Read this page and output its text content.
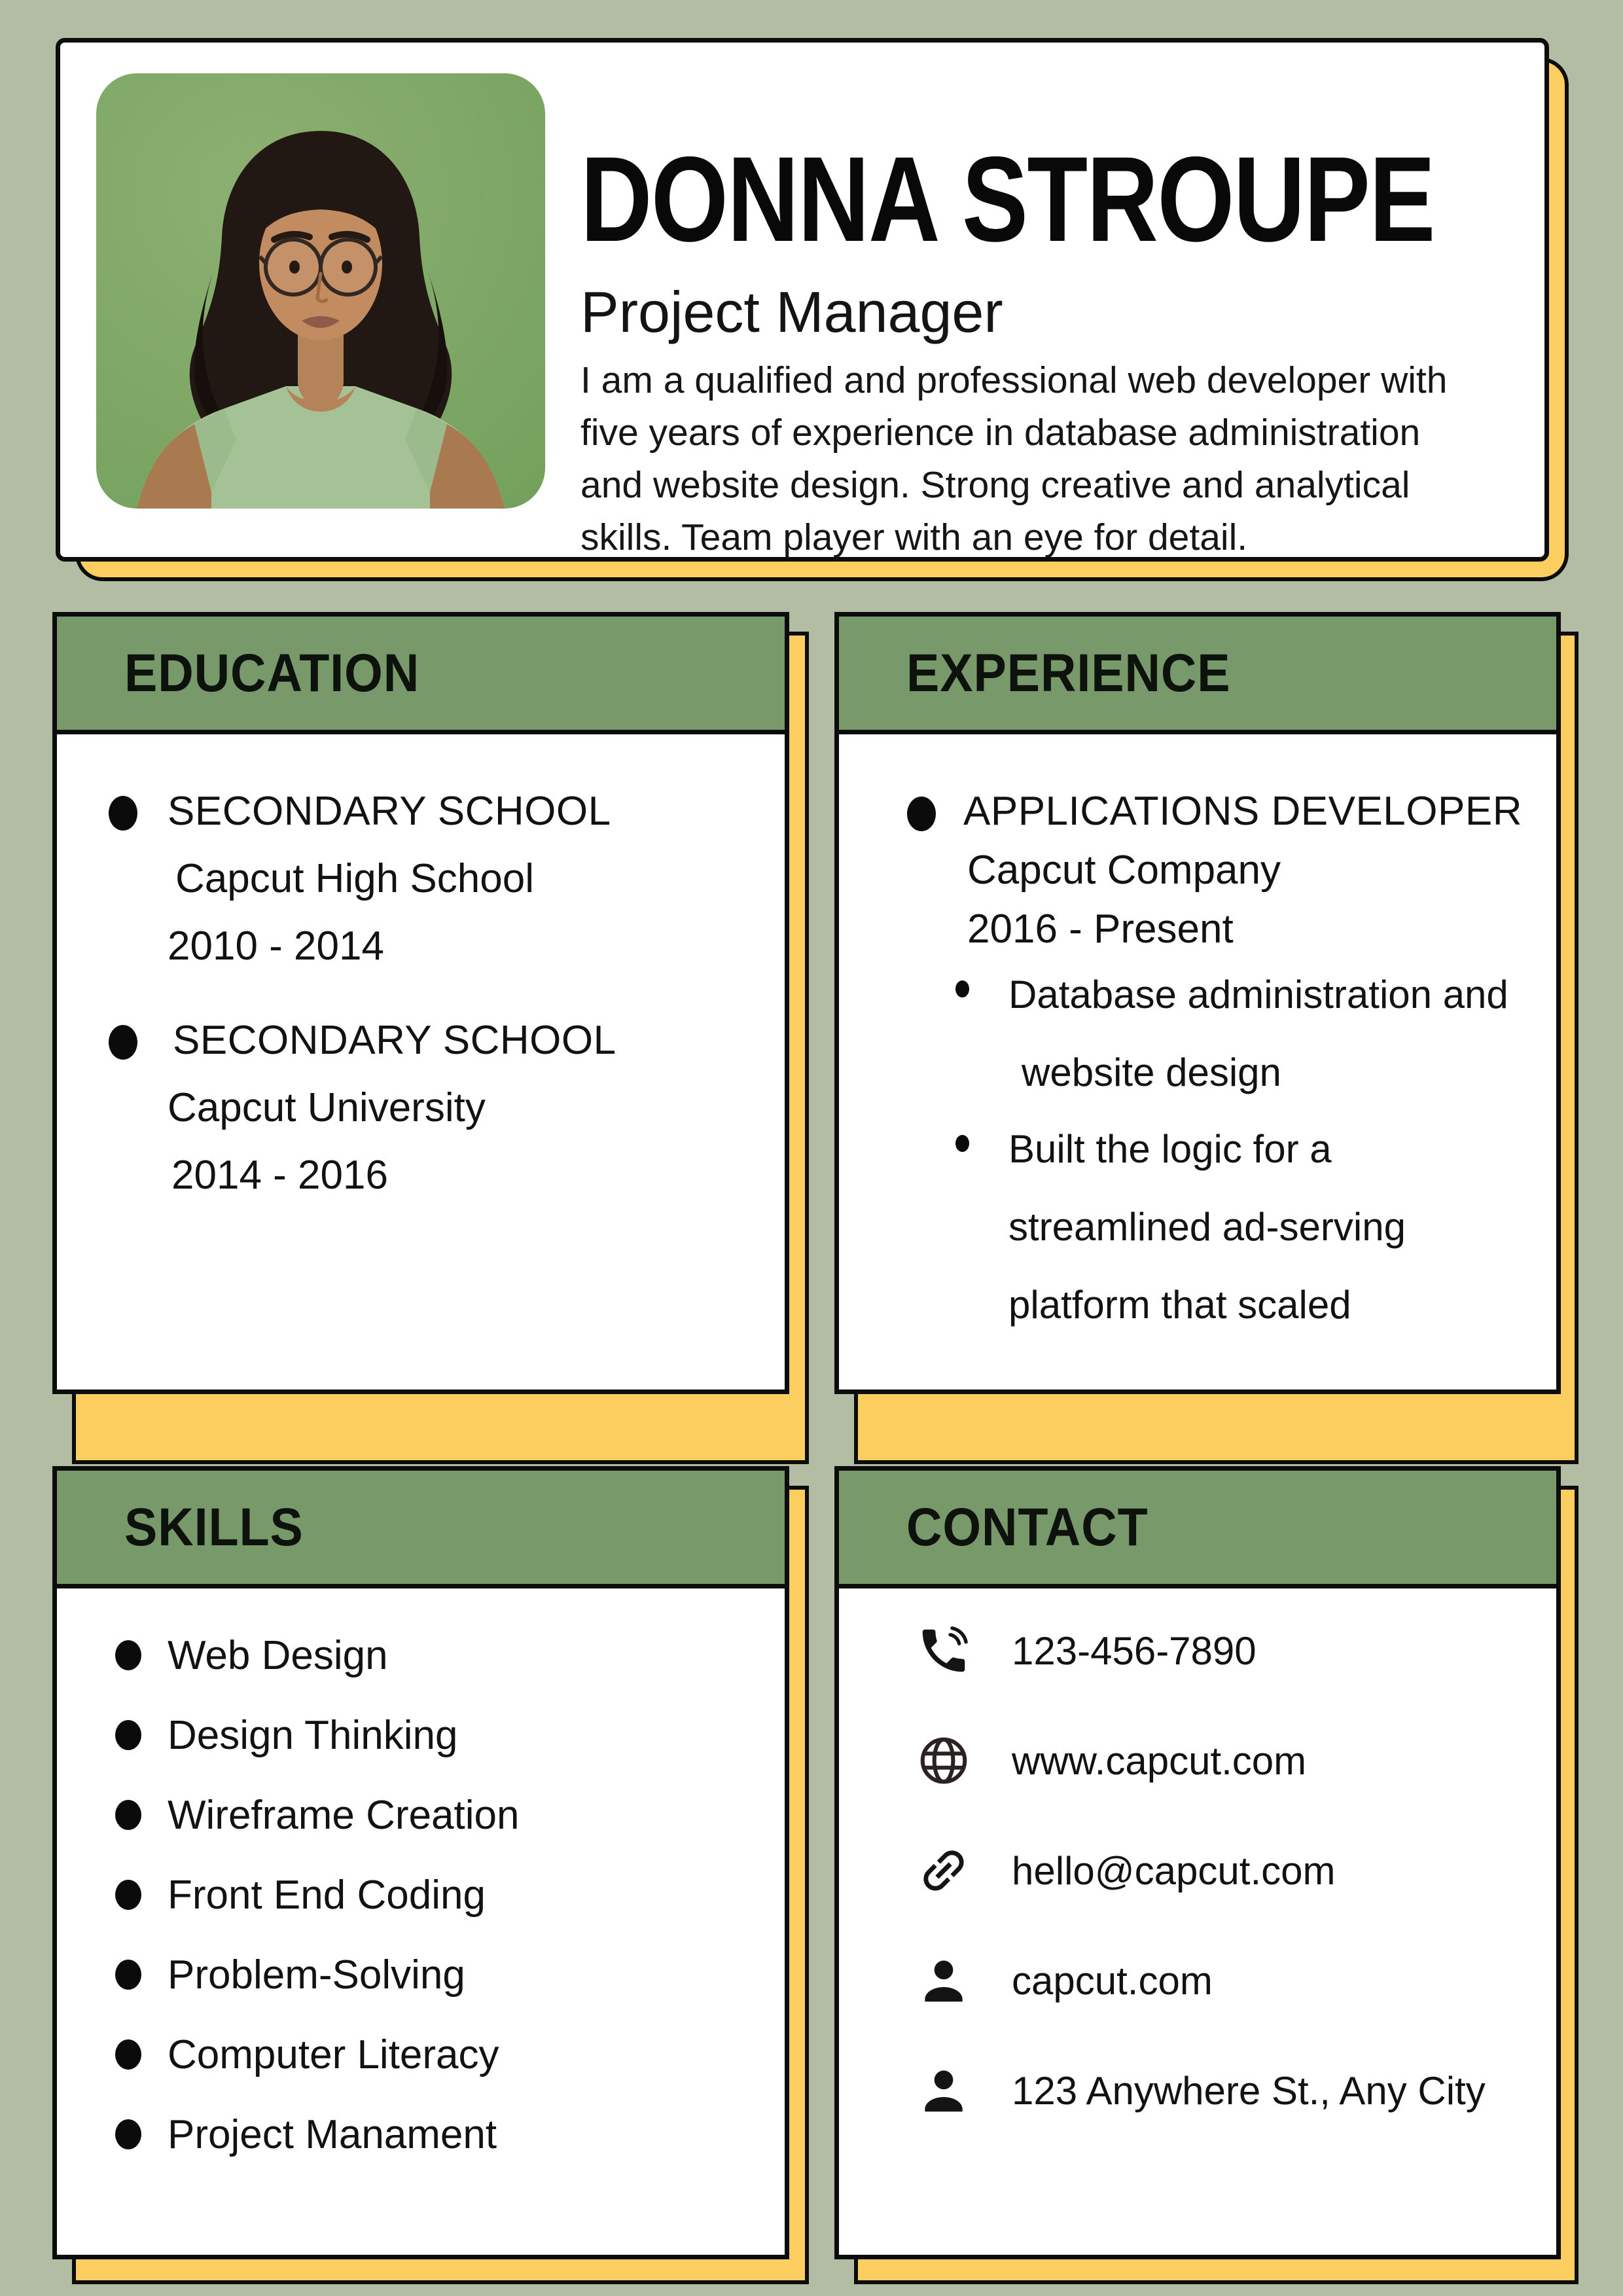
DONNA STROUPE
Project Manager
I am a qualified and professional web developer with
five years of experience in database administration
and website design. Strong creative and analytical
skills. Team player with an eye for detail.
EDUCATION
SECONDARY SCHOOL
Capcut High School
2010 - 2014
SECONDARY SCHOOL
Capcut University
2014 - 2016
EXPERIENCE
APPLICATIONS DEVELOPER
Capcut Company
2016 - Present
Database administration and
website design
Built the logic for a
streamlined ad-serving
platform that scaled
SKILLS
Web Design
Design Thinking
Wireframe Creation
Front End Coding
Problem-Solving
Computer Literacy
Project Manament
CONTACT
123-456-7890
www.capcut.com
hello@capcut.com
capcut.com
123 Anywhere St., Any City
